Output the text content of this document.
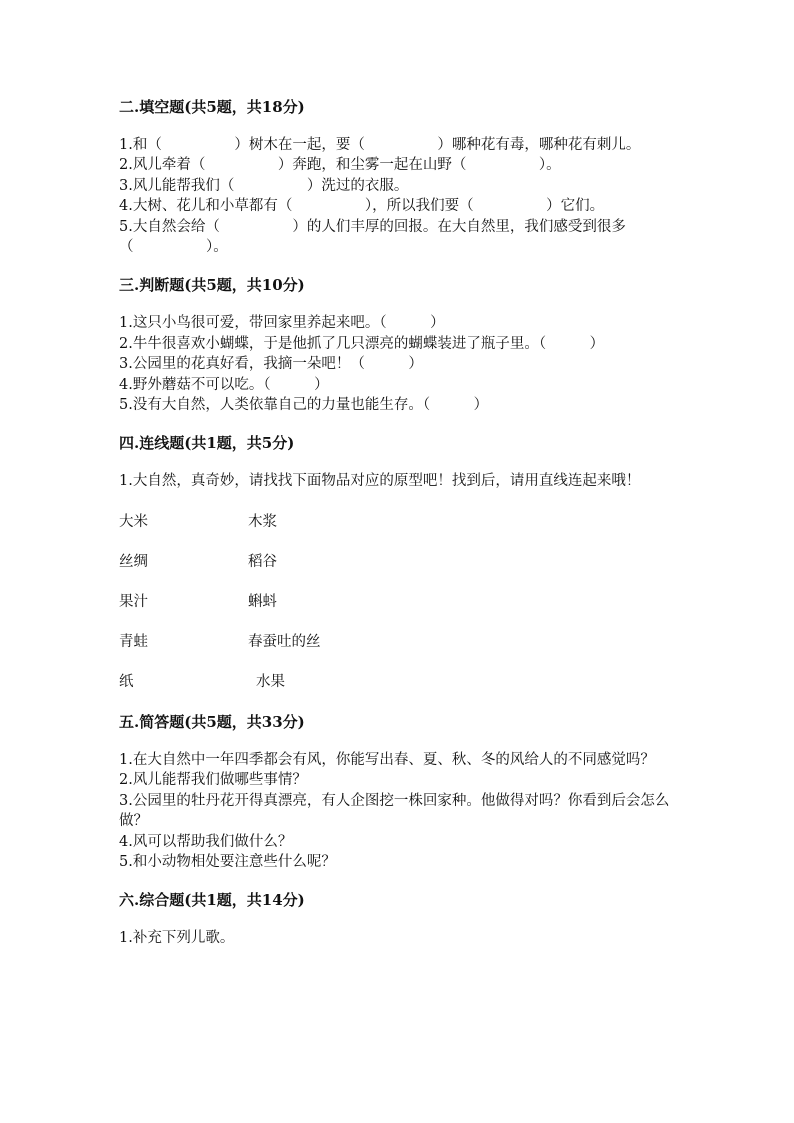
二.填空题(共5题，共18分)

1.和（　　　　　）树木在一起，要（　　　　　）哪种花有毒，哪种花有刺儿。

2.风儿牵着（　　　　　）奔跑，和尘雾一起在山野（　　　　　）。

3.风儿能帮我们（　　　　　）洗过的衣服。

4.大树、花儿和小草都有（　　　　　），所以我们要（　　　　　）它们。

5.大自然会给（　　　　　）的人们丰厚的回报。在大自然里，我们感受到很多（　　　　　）。

三.判断题(共5题，共10分)

1.这只小鸟很可爱，带回家里养起来吧。（　　　）

2.牛牛很喜欢小蝴蝶，于是他抓了几只漂亮的蝴蝶装进了瓶子里。（　　　）

3.公园里的花真好看，我摘一朵吧！（　　　）

4.野外蘑菇不可以吃。（　　　）

5.没有大自然，人类依靠自己的力量也能生存。（　　　）

四.连线题(共1题，共5分)

1.大自然，真奇妙，请找找下面物品对应的原型吧！找到后，请用直线连起来哦！

大米	木浆
丝绸	稻谷
果汁	蝌蚪
青蛙	春蚕吐的丝
纸	水果
五.简答题(共5题，共33分)

1.在大自然中一年四季都会有风，你能写出春、夏、秋、冬的风给人的不同感觉吗？

2.风儿能帮我们做哪些事情？

3.公园里的牡丹花开得真漂亮，有人企图挖一株回家种。他做得对吗？你看到后会怎么做？

4.风可以帮助我们做什么？

5.和小动物相处要注意些什么呢？

六.综合题(共1题，共14分)

1.补充下列儿歌。
